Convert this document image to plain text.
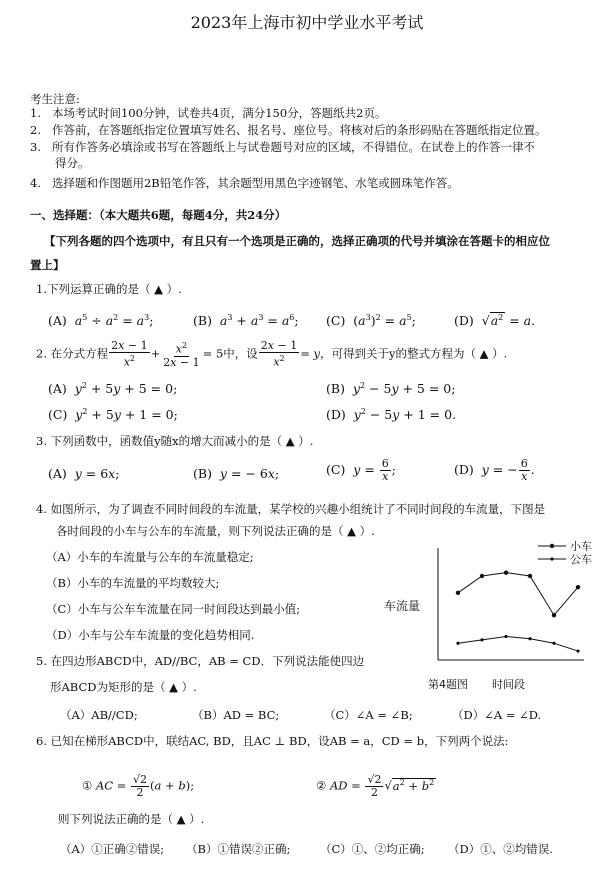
2023年上海市初中学业水平考试
考生注意:
1. 本场考试时间100分钟，试卷共4页，满分150分，答题纸共2页。
2. 作答前，在答题纸指定位置填写姓名、报名号、座位号。将核对后的条形码贴在答题纸指定位置。
3. 所有作答务必填涂或书写在答题纸上与试卷题号对应的区域，不得错位。在试卷上的作答一律不
得分。
4. 选择题和作图题用2B铅笔作答，其余题型用黑色字迹钢笔、水笔或圆珠笔作答。
一、选择题：（本大题共6题，每题4分，共24分）
【下列各题的四个选项中，有且只有一个选项是正确的，选择正确项的代号并填涂在答题卡的相应位
置上】
1.下列运算正确的是（ ▲ ）.
(A) $a^5 \div a^2 = a^3$;	(B) $a^3 + a^3 = a^6$; (C)  $(a^3)^2 = a^5$;	(D)  $√a^2 = a$.
2. 在分式方程 $\frac{2x - 1}{x^2} + \frac{x^2}{2x - 1} = 5$中，设 $\frac{2x - 1}{x^2} = y$，可得到关于y的整式方程为（ ▲ ）.
(A) $y^2 + 5y + 5 = 0$;	(B) $y^2 - 5y + 5 = 0$;
(C) $y^2 + 5y + 1 = 0$;	(D) $y^2 - 5y + 1 = 0$.
3. 下列函数中，函数值y随x的增大而减小的是（ ▲ ）.
(A) y = 6x;	(B) y = − 6x;	(C) $y = \frac{6}{x}$ ;	(D) y = − $\frac{6}{x}$ .
4. 如图所示，为了调查不同时间段的车流量，某学校的兴趣小组统计了不同时间段的车流量，下图是
各时间段的小车与公车的车流量，则下列说法正确的是（ ▲ ）.
（A）小车的车流量与公车的车流量稳定;
（B）小车的车流量的平均数较大;
（C）小车与公车车流量在同一时间段达到最小值;
（D）小车与公车车流量的变化趋势相同.
车流量
第4题图 时间段
小车
公车
5. 在四边形ABCD中，AD//BC，AB = CD．下列说法能使四边
形ABCD为矩形的是（ ▲ ）.
（A）AB//CD;	（B）AD = BC;	（C）∠A = ∠B;	（D）∠A = ∠D.
6. 已知在梯形ABCD中，联结AC, BD，且AC ⊥ BD，设AB = a，CD = b，下列两个说法:
① AC = $\frac{√2}{2} (a + b)$;	② AD = $\frac{√2}{2} √a^2 + b^2$
则下列说法正确的是（ ▲ ）.
（A）①正确②错误; （B）①错误②正确;	（C）①、②均正确; （D）①、②均错误.
